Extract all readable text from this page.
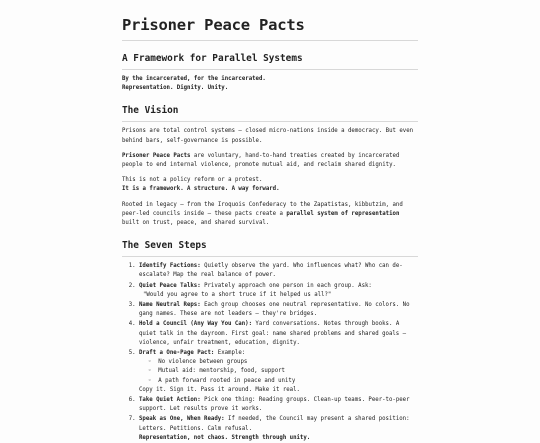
Prisoner Peace Pacts
A Framework for Parallel Systems

By the incarcerated, for the incarcerated.
Representation. Dignity. Unity.

The Vision

Prisons are total control systems — closed micro-nations inside a democracy. But even behind bars, self-governance is possible.

Prisoner Peace Pacts are voluntary, hand-to-hand treaties created by incarcerated people to end internal violence, promote mutual aid, and reclaim shared dignity.

This is not a policy reform or a protest.
It is a framework. A structure. A way forward.

Rooted in legacy — from the Iroquois Confederacy to the Zapatistas, kibbutzim, and peer-led councils inside — these pacts create a parallel system of representation built on trust, peace, and shared survival.

The Seven Steps
1. Identify Factions: Quietly observe the yard. Who influences what? Who can de-escalate? Map the real balance of power.
2. Quiet Peace Talks: Privately approach one person in each group. Ask:
"Would you agree to a short truce if it helped us all?"
3. Name Neutral Reps: Each group chooses one neutral representative. No colors. No gang names. These are not leaders — they're bridges.
4. Hold a Council (Any Way You Can): Yard conversations. Notes through books. A quiet talk in the dayroom. First goal: name shared problems and shared goals — violence, unfair treatment, education, dignity.
5. Draft a One-Page Pact: Example:
◦  No violence between groups
◦  Mutual aid: mentorship, food, support
◦  A path forward rooted in peace and unity
Copy it. Sign it. Pass it around. Make it real.
6. Take Quiet Action: Pick one thing: Reading groups. Clean-up teams. Peer-to-peer support. Let results prove it works.
7. Speak as One, When Ready: If needed, the Council may present a shared position: Letters. Petitions. Calm refusal.
Representation, not chaos. Strength through unity.
